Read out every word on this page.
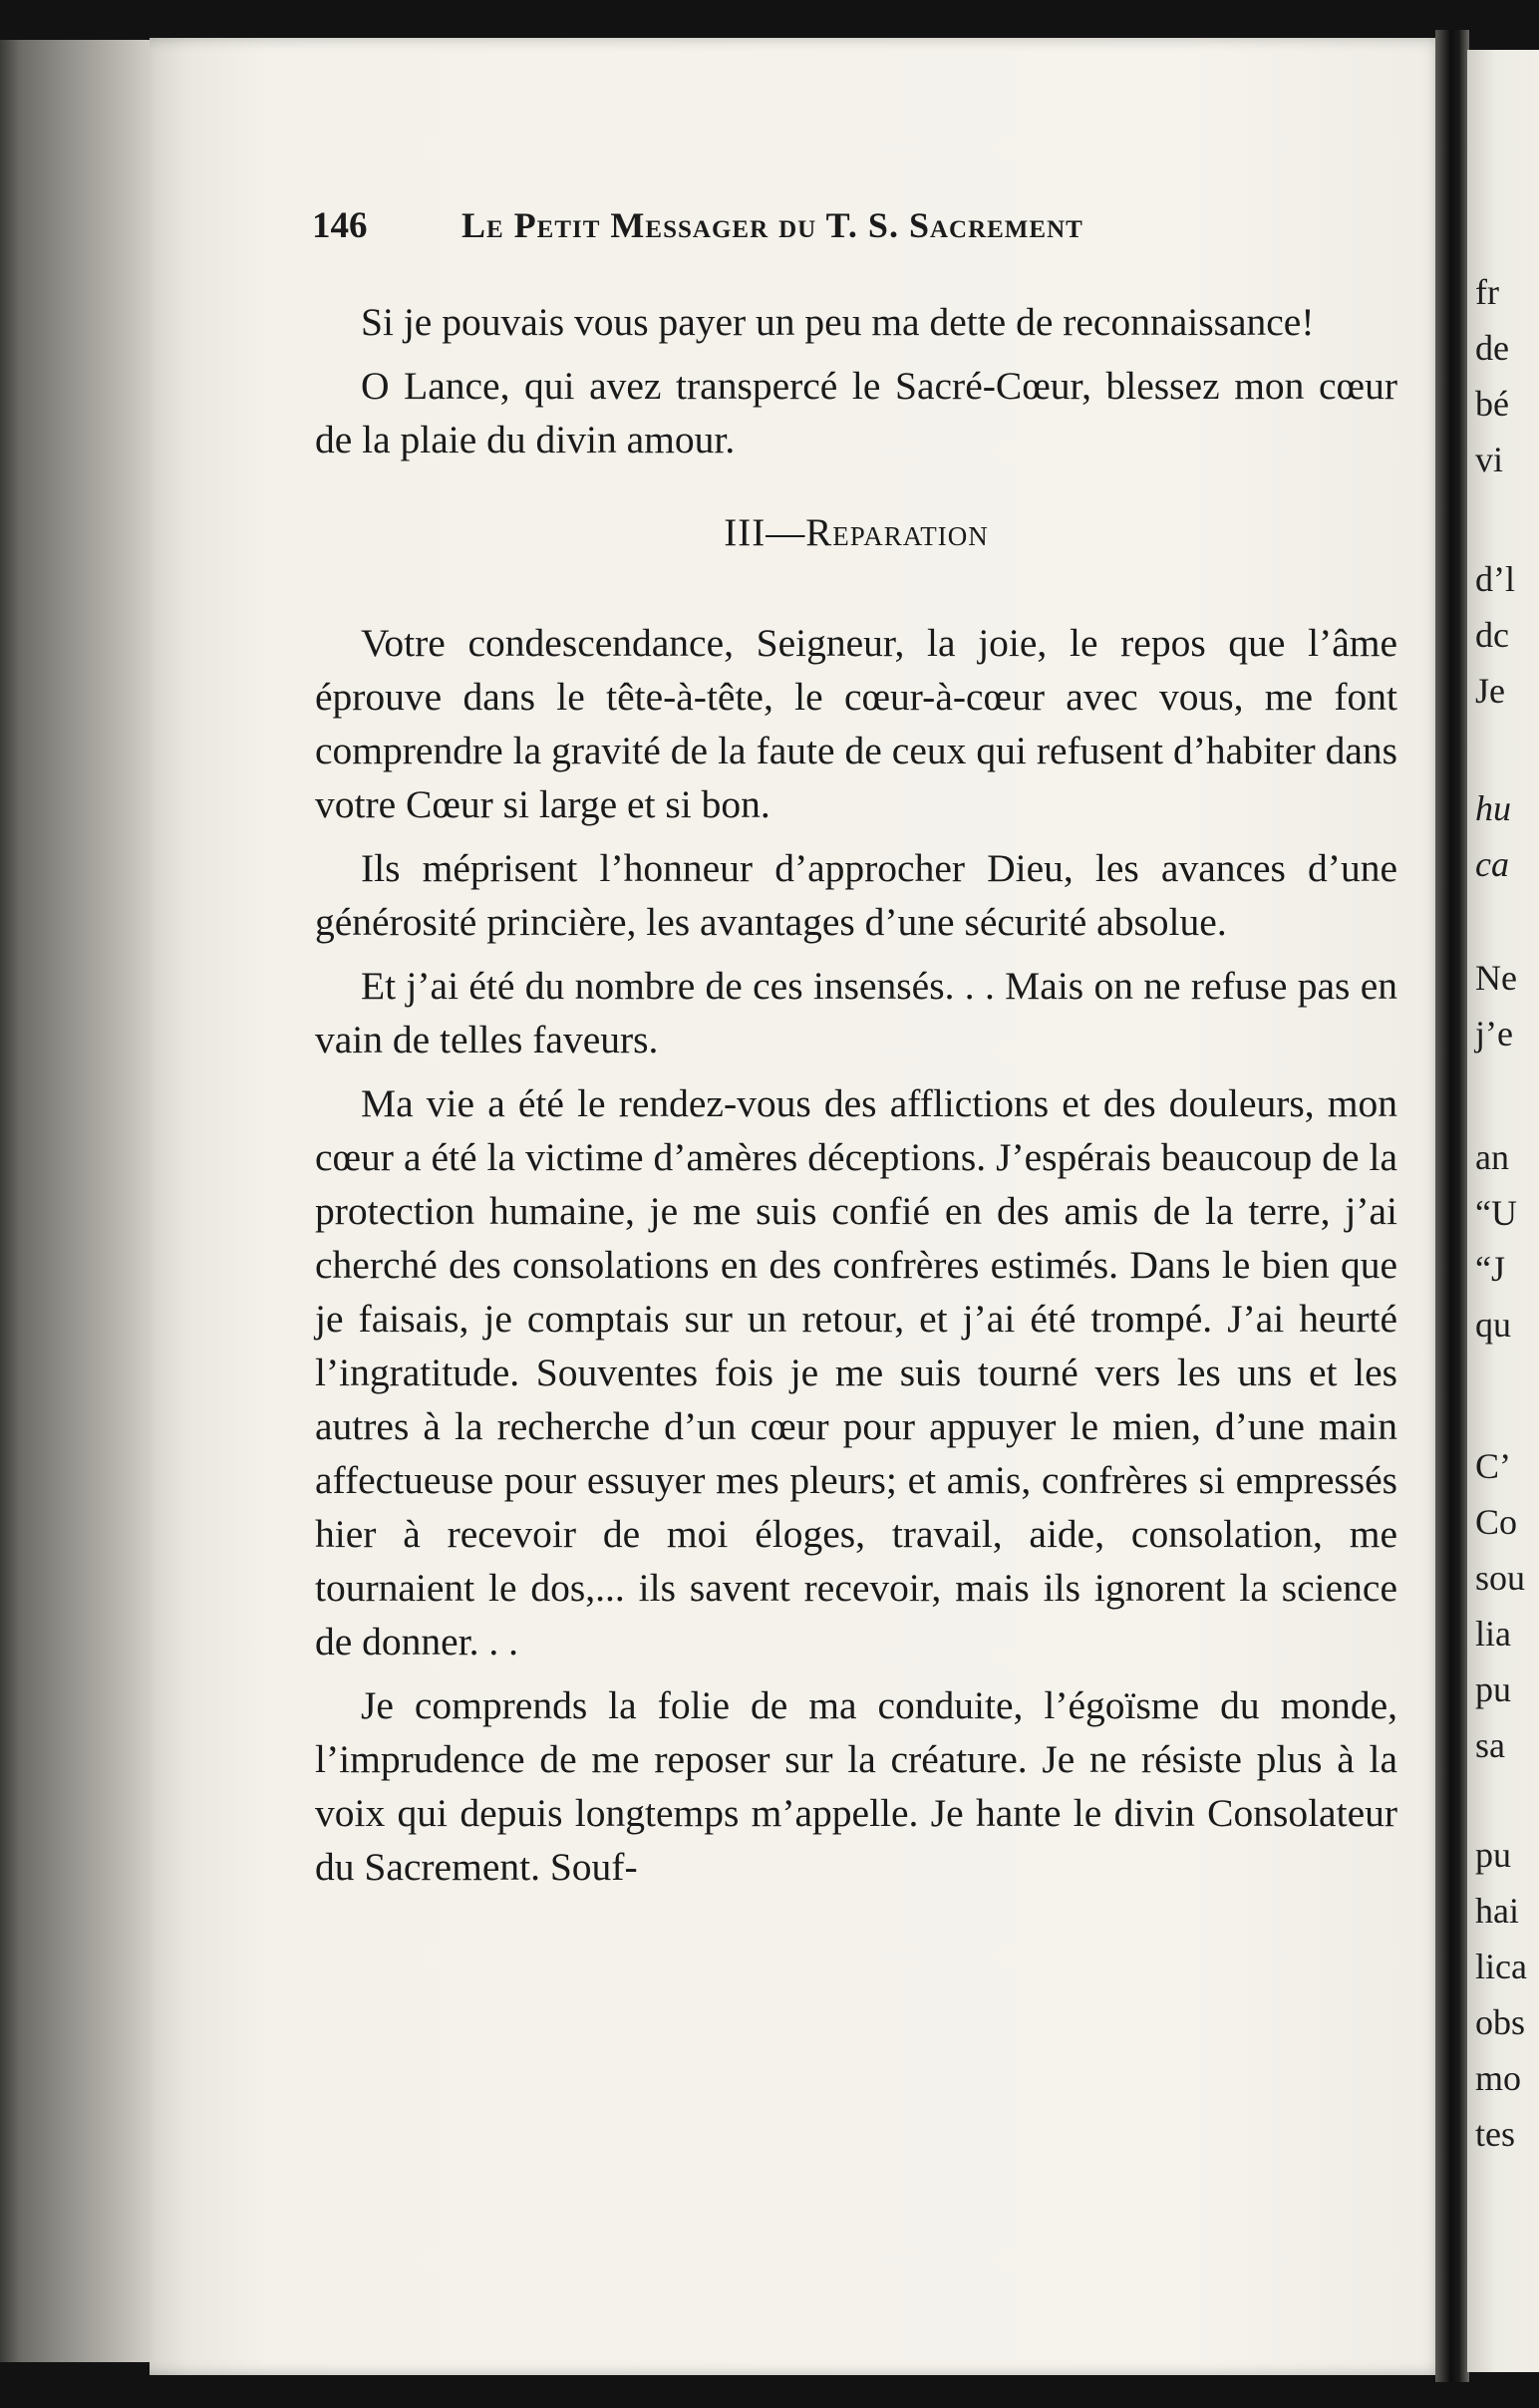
146	Le Petit Messager du T. S. Sacrement

Si je pouvais vous payer un peu ma dette de reconnaissance!

O Lance, qui avez transpercé le Sacré-Cœur, blessez mon cœur de la plaie du divin amour.

III—Reparation

Votre condescendance, Seigneur, la joie, le repos que l’âme éprouve dans le tête-à-tête, le cœur-à-cœur avec vous, me font comprendre la gravité de la faute de ceux qui refusent d’habiter dans votre Cœur si large et si bon.

Ils méprisent l’honneur d’approcher Dieu, les avances d’une générosité princière, les avantages d’une sécurité absolue.

Et j’ai été du nombre de ces insensés. . . Mais on ne refuse pas en vain de telles faveurs.

Ma vie a été le rendez-vous des afflictions et des douleurs, mon cœur a été la victime d’amères déceptions. J’espérais beaucoup de la protection humaine, je me suis confié en des amis de la terre, j’ai cherché des consolations en des confrères estimés. Dans le bien que je faisais, je comptais sur un retour, et j’ai été trompé. J’ai heurté l’ingratitude. Souventes fois je me suis tourné vers les uns et les autres à la recherche d’un cœur pour appuyer le mien, d’une main affectueuse pour essuyer mes pleurs; et amis, confrères si empressés hier à recevoir de moi éloges, travail, aide, consolation, me tournaient le dos,... ils savent recevoir, mais ils ignorent la science de donner. . .

Je comprends la folie de ma conduite, l’égoïsme du monde, l’imprudence de me reposer sur la créature. Je ne résiste plus à la voix qui depuis longtemps m’appelle. Je hante le divin Consolateur du Sacrement. Souf-

fr
de
bé
vi
d’l
dc
Je
hu
ca
Ne
j’e
an
“U
“J
qu
C’
Co
sou
lia
pu
sa
pu
hai
lica
obs
mo
tes
